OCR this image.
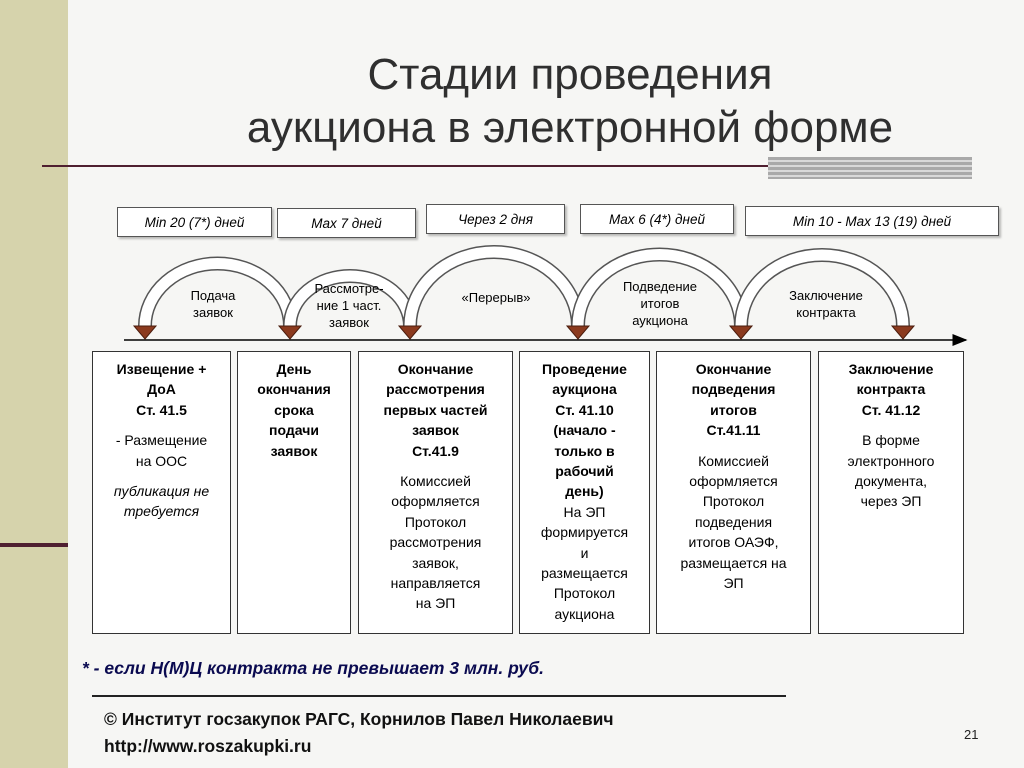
Стадии проведения
аукциона в электронной форме
Min 20 (7*) дней	Max 7 дней	Через 2 дня	Max 6 (4*) дней	Min 10 - Max 13 (19) дней
Подача
заявок
Рассмотре-
ние 1 част.
заявок
«Перерыв»
Подведение
итогов
аукциона
Заключение
контракта
Извещение +
ДоА
Ст. 41.5
- Размещение
на ООС
публикация не
требуется
День
окончания
срока
подачи
заявок
Окончание
рассмотрения
первых частей
заявок
Ст.41.9
Комиссией
оформляется
Протокол
рассмотрения
заявок,
направляется
на ЭП
Проведение
аукциона
Ст. 41.10
(начало -
только в
рабочий
день)
На ЭП
формируется
и
размещается
Протокол
аукциона
Окончание
подведения
итогов
Ст.41.11
Комиссией
оформляется
Протокол
подведения
итогов ОАЭФ,
размещается на
ЭП
Заключение
контракта
Ст. 41.12
В форме
электронного
документа,
через ЭП
* - если Н(М)Ц контракта не превышает 3 млн. руб.
© Институт госзакупок РАГС, Корнилов Павел Николаевич
http://www.roszakupki.ru
21
